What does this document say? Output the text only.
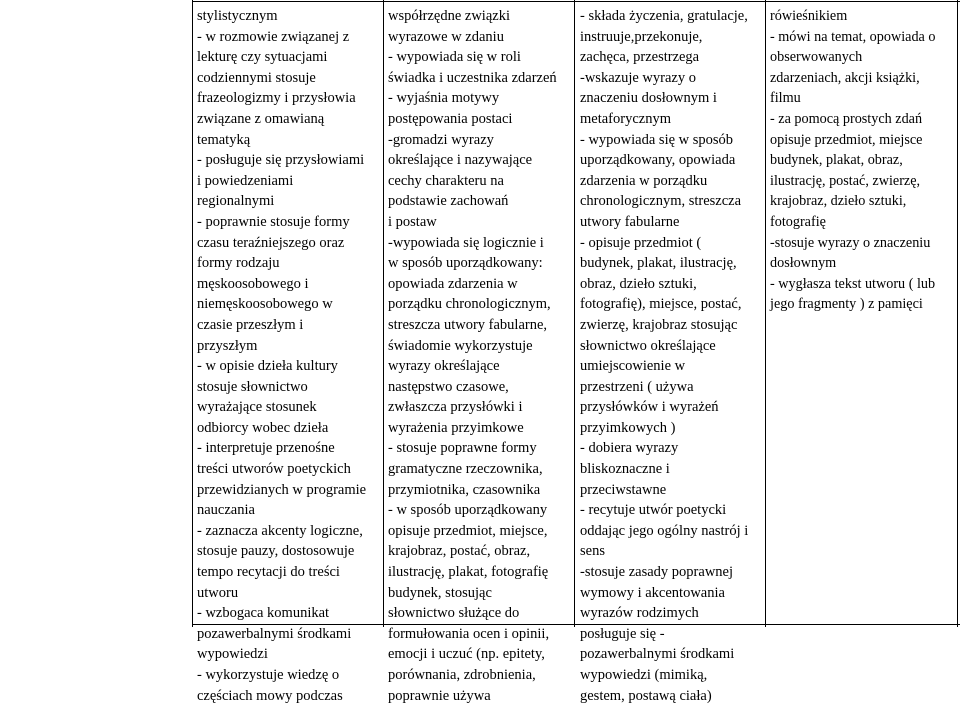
stylistycznym
- w rozmowie związanej z
lekturę czy sytuacjami
codziennymi stosuje
frazeologizmy i przysłowia
związane z omawianą
tematyką
- posługuje się przysłowiami
i powiedzeniami
regionalnymi
- poprawnie stosuje formy
czasu teraźniejszego oraz
formy rodzaju
męskoosobowego i
niemęskoosobowego w
czasie przeszłym i
przyszłym
- w opisie dzieła kultury
stosuje słownictwo
wyrażające stosunek
odbiorcy wobec dzieła
- interpretuje przenośne
treści utworów poetyckich
przewidzianych w programie
nauczania
- zaznacza akcenty logiczne,
stosuje pauzy, dostosowuje
tempo recytacji do treści
utworu
- wzbogaca komunikat
pozawerbalnymi środkami
wypowiedzi
- wykorzystuje wiedzę o
częściach mowy podczas
współrzędne związki
wyrazowe w zdaniu
- wypowiada się w roli
świadka i uczestnika zdarzeń
- wyjaśnia motywy
postępowania postaci
-gromadzi wyrazy
określające i nazywające
cechy charakteru na
podstawie zachowań
i postaw
-wypowiada się logicznie i
w sposób uporządkowany:
opowiada zdarzenia w
porządku chronologicznym,
streszcza utwory fabularne,
świadomie wykorzystuje
wyrazy określające
następstwo czasowe,
zwłaszcza przysłówki i
wyrażenia przyimkowe
- stosuje poprawne formy
gramatyczne rzeczownika,
przymiotnika, czasownika
- w sposób uporządkowany
opisuje przedmiot, miejsce,
krajobraz, postać, obraz,
ilustrację, plakat, fotografię
budynek, stosując
słownictwo służące do
formułowania ocen i opinii,
emocji i uczuć (np. epitety,
porównania, zdrobnienia,
poprawnie używa
- składa życzenia, gratulacje,
instruuje,przekonuje,
zachęca, przestrzega
-wskazuje wyrazy o
znaczeniu dosłownym i
metaforycznym
- wypowiada się w sposób
uporządkowany, opowiada
zdarzenia w porządku
chronologicznym, streszcza
utwory fabularne
- opisuje przedmiot (
budynek, plakat, ilustrację,
obraz, dzieło sztuki,
fotografię), miejsce, postać,
zwierzę, krajobraz stosując
słownictwo określające
umiejscowienie w
przestrzeni ( używa
przysłówków i wyrażeń
przyimkowych )
- dobiera wyrazy
bliskoznaczne i
przeciwstawne
- recytuje utwór poetycki
oddając jego ogólny nastrój i
sens
-stosuje zasady poprawnej
wymowy i akcentowania
wyrazów rodzimych
posługuje się -
pozawerbalnymi środkami
wypowiedzi (mimiką,
gestem, postawą ciała)
rówieśnikiem
- mówi na temat, opowiada o
obserwowanych
zdarzeniach, akcji książki,
filmu
- za pomocą prostych zdań
opisuje przedmiot, miejsce
budynek, plakat, obraz,
ilustrację, postać, zwierzę,
krajobraz, dzieło sztuki,
fotografię
-stosuje wyrazy o znaczeniu
dosłownym
- wygłasza tekst utworu ( lub
jego fragmenty ) z pamięci
